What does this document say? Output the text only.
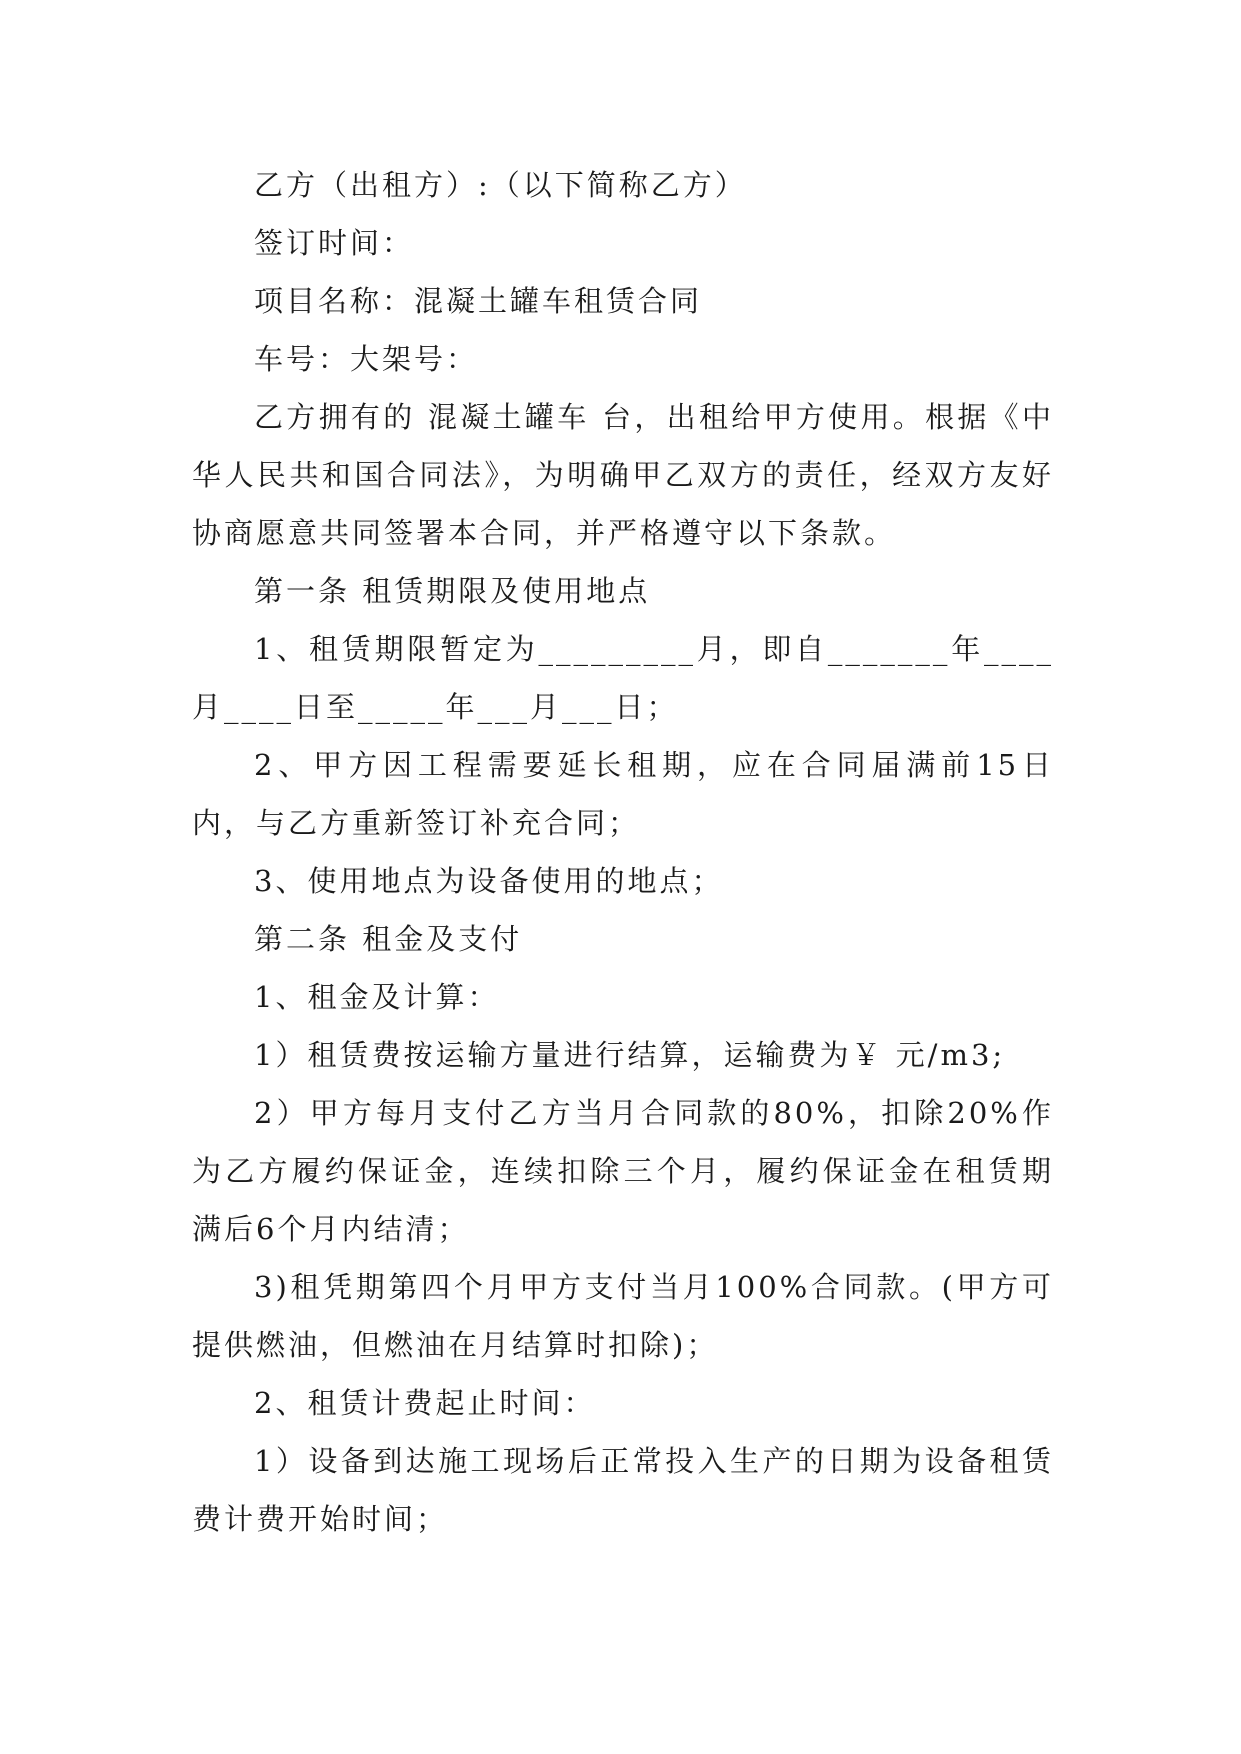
乙方（出租方）:（以下简称乙方）

签订时间：

项目名称：混凝土罐车租赁合同

车号：大架号：

乙方拥有的 混凝土罐车 台，出租给甲方使用。根据《中华人民共和国合同法》，为明确甲乙双方的责任，经双方友好协商愿意共同签署本合同，并严格遵守以下条款。

第一条 租赁期限及使用地点

1、租赁期限暂定为_________月，即自_______年____月____日至_____年___月___日；

2、甲方因工程需要延长租期，应在合同届满前15日内，与乙方重新签订补充合同；

3、使用地点为设备使用的地点；

第二条 租金及支付

1、租金及计算：

1）租赁费按运输方量进行结算，运输费为￥ 元/m3;

2）甲方每月支付乙方当月合同款的80%，扣除20%作为乙方履约保证金，连续扣除三个月，履约保证金在租赁期满后6个月内结清；

3)租凭期第四个月甲方支付当月100%合同款。(甲方可提供燃油，但燃油在月结算时扣除)；

2、租赁计费起止时间：

1）设备到达施工现场后正常投入生产的日期为设备租赁费计费开始时间；
